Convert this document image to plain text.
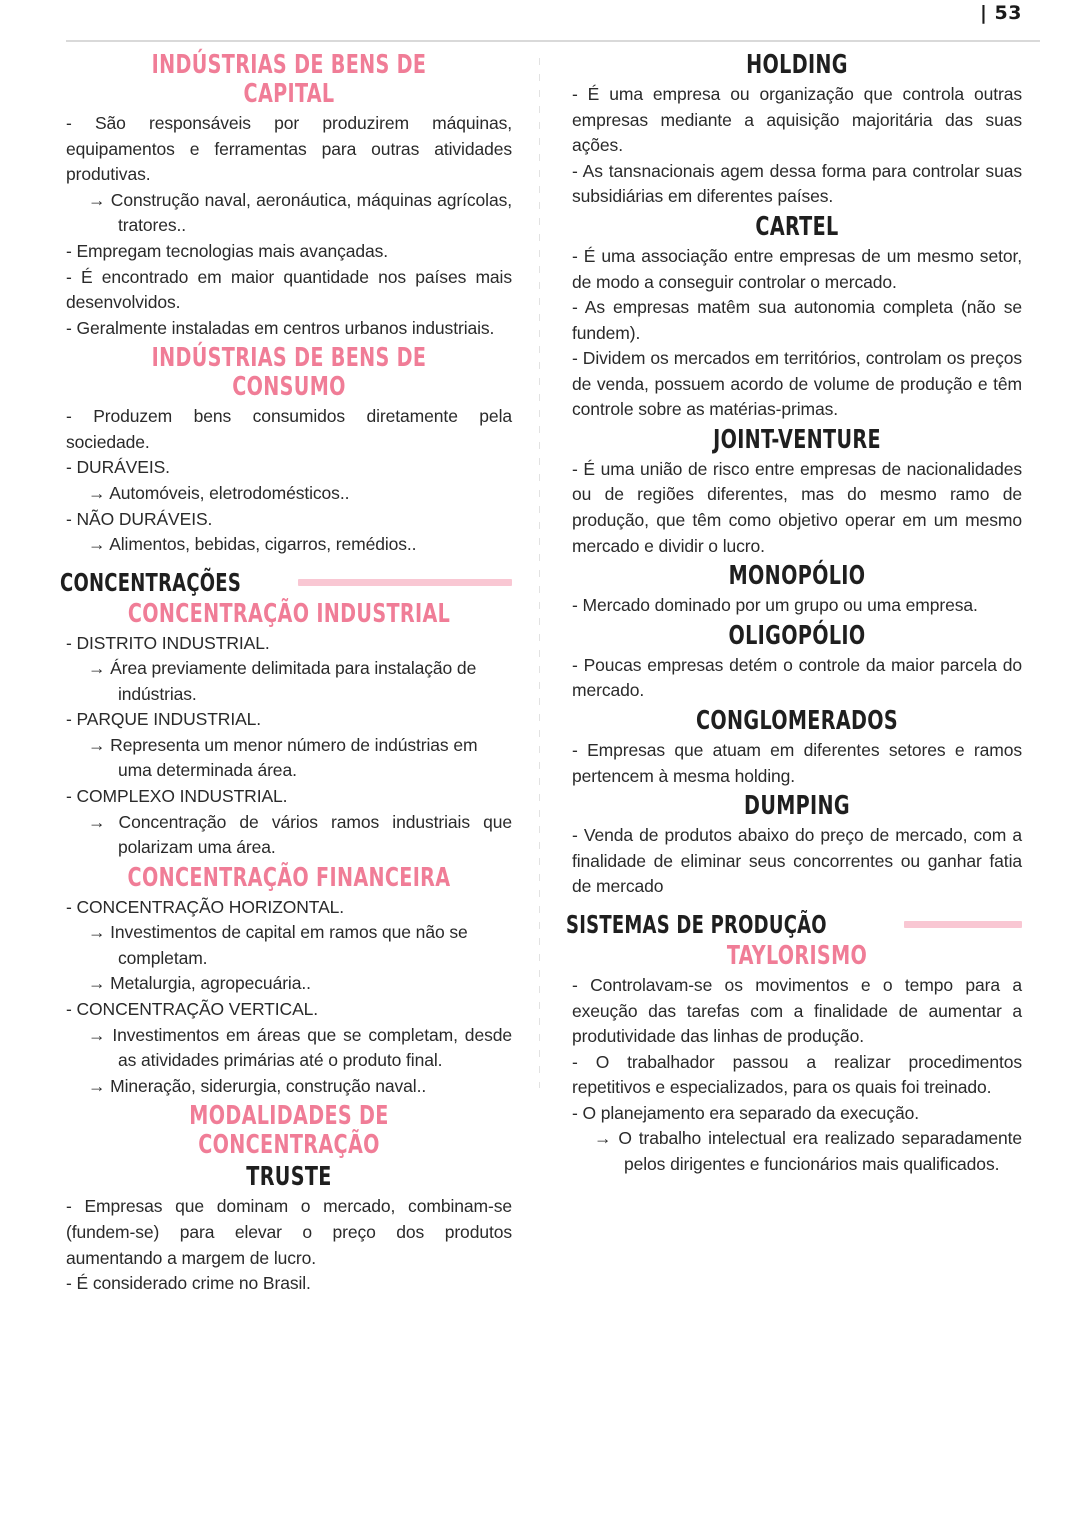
| 53
INDÚSTRIAS DE BENS DE CAPITAL

- São responsáveis por produzirem máquinas, equipamentos e ferramentas para outras atividades produtivas.

→ Construção naval, aeronáutica, máquinas agrícolas, tratores..

- Empregam tecnologias mais avançadas.

- É encontrado em maior quantidade nos países mais desenvolvidos.

- Geralmente instaladas em centros urbanos industriais.

INDÚSTRIAS DE BENS DE CONSUMO

- Produzem bens consumidos diretamente pela sociedade.

- DURÁVEIS.

→ Automóveis, eletrodomésticos..

- NÃO DURÁVEIS.

→ Alimentos, bebidas, cigarros, remédios..

CONCENTRAÇÕES
CONCENTRAÇÃO INDUSTRIAL

- DISTRITO INDUSTRIAL.

→ Área previamente delimitada para instalação de indústrias.

- PARQUE INDUSTRIAL.

→ Representa um menor número de indústrias em uma determinada área.

- COMPLEXO INDUSTRIAL.

→ Concentração de vários ramos industriais que polarizam uma área.

CONCENTRAÇÃO FINANCEIRA

- CONCENTRAÇÃO HORIZONTAL.

→ Investimentos de capital em ramos que não se completam.

→ Metalurgia, agropecuária..

- CONCENTRAÇÃO VERTICAL.

→ Investimentos em áreas que se completam, desde as atividades primárias até o produto final.

→ Mineração, siderurgia, construção naval..

MODALIDADES DE CONCENTRAÇÃO
TRUSTE

- Empresas que dominam o mercado, combinam-se (fundem-se) para elevar o preço dos produtos aumentando a margem de lucro.

- É considerado crime no Brasil.

HOLDING

- É uma empresa ou organização que controla outras empresas mediante a aquisição majoritária das suas ações.

- As tansnacionais agem dessa forma para controlar suas subsidiárias em diferentes países.

CARTEL

- É uma associação entre empresas de um mesmo setor, de modo a conseguir controlar o mercado.

- As empresas matêm sua autonomia completa (não se fundem).

- Dividem os mercados em territórios, controlam os preços de venda, possuem acordo de volume de produção e têm controle sobre as matérias-primas.

JOINT-VENTURE

- É uma união de risco entre empresas de nacionalidades ou de regiões diferentes, mas do mesmo ramo de produção, que têm como objetivo operar em um mesmo mercado e dividir o lucro.

MONOPÓLIO

- Mercado dominado por um grupo ou uma empresa.

OLIGOPÓLIO

- Poucas empresas detém o controle da maior parcela do mercado.

CONGLOMERADOS

- Empresas que atuam em diferentes setores e ramos pertencem à mesma holding.

DUMPING

- Venda de produtos abaixo do preço de mercado, com a finalidade de eliminar seus concorrentes ou ganhar fatia de mercado

SISTEMAS DE PRODUÇÃO
TAYLORISMO

- Controlavam-se os movimentos e o tempo para a exeução das tarefas com a finalidade de aumentar a produtividade das linhas de produção.

- O trabalhador passou a realizar procedimentos repetitivos e especializados, para os quais foi treinado.

- O planejamento era separado da execução.

→ O trabalho intelectual era realizado separadamente pelos dirigentes e funcionários mais qualificados.
